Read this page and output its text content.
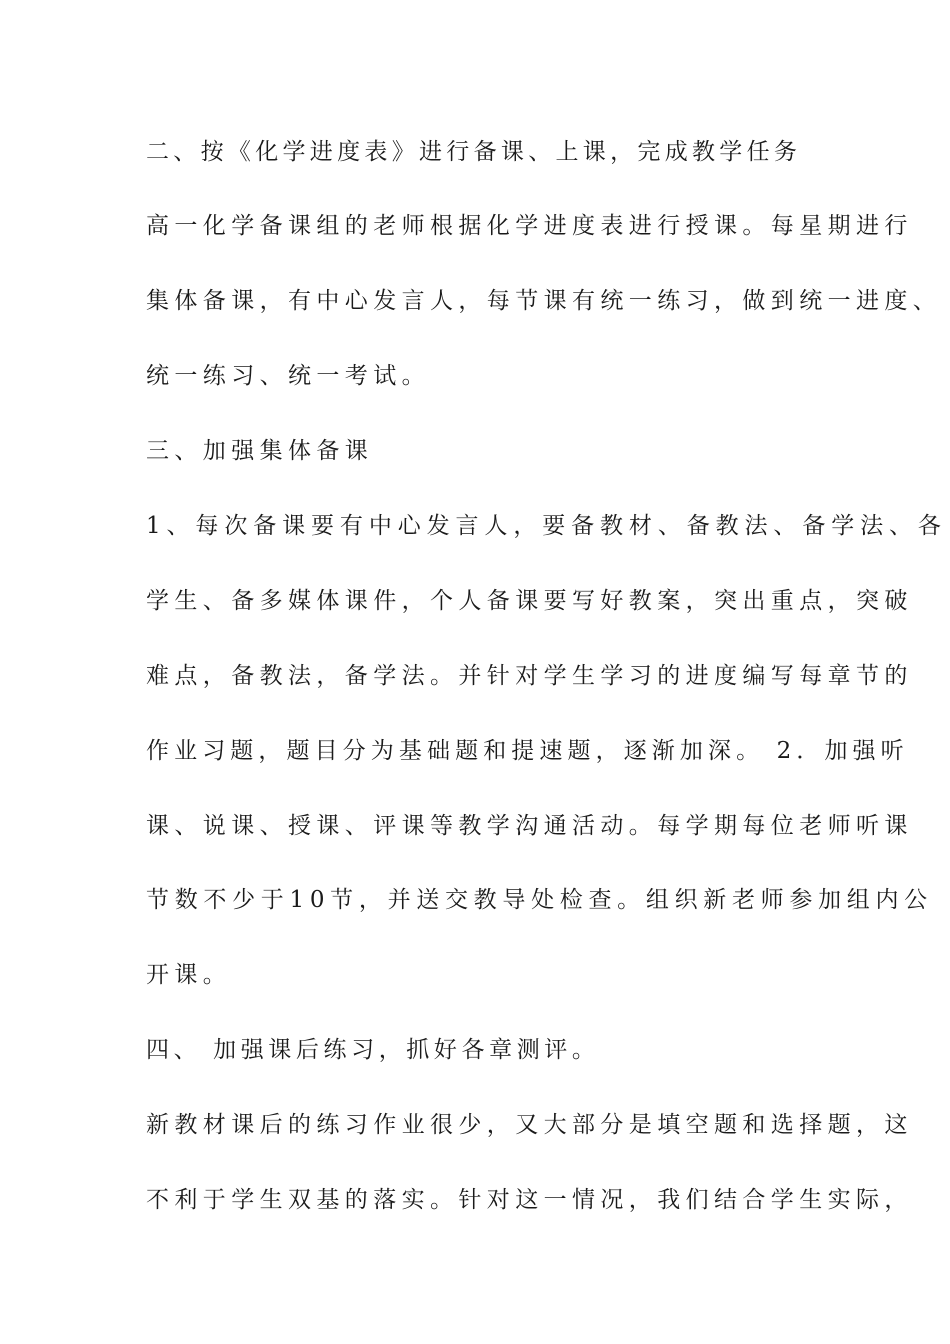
二、按《化学进度表》进行备课、上课，完成教学任务

高一化学备课组的老师根据化学进度表进行授课。每星期进行

集体备课，有中心发言人，每节课有统一练习，做到统一进度、

统一练习、统一考试。

三、加强集体备课

1、每次备课要有中心发言人，要备教材、备教法、备学法、各

学生、备多媒体课件，个人备课要写好教案，突出重点，突破

难点，备教法，备学法。并针对学生学习的进度编写每章节的

作业习题，题目分为基础题和提速题，逐渐加深。 2．加强听

课、说课、授课、评课等教学沟通活动。每学期每位老师听课

节数不少于10节，并送交教导处检查。组织新老师参加组内公

开课。

四、 加强课后练习，抓好各章测评。

新教材课后的练习作业很少，又大部分是填空题和选择题，这

不利于学生双基的落实。针对这一情况，我们结合学生实际，
